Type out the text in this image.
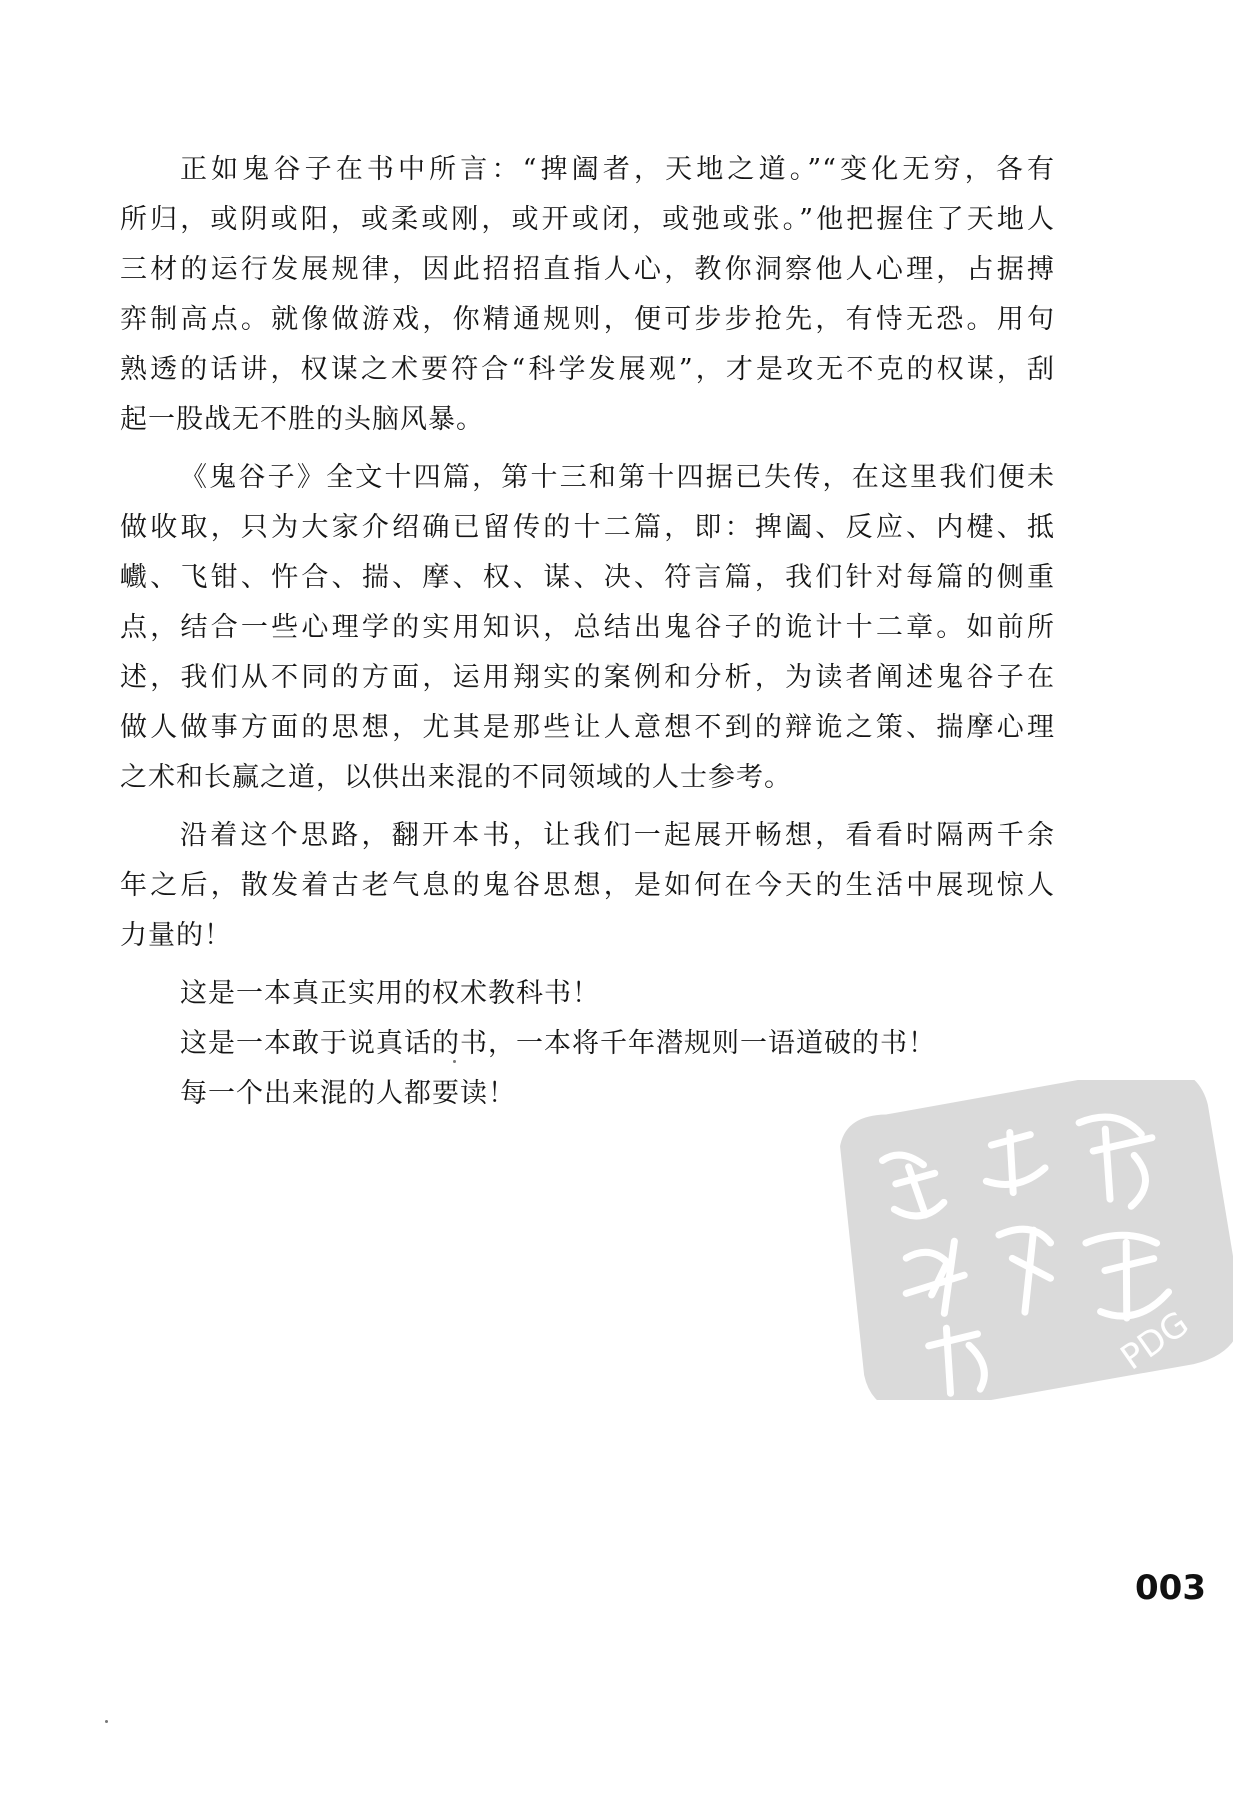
正如鬼谷子在书中所言：“捭阖者，天地之道。”“变化无穷，各有
所归，或阴或阳，或柔或刚，或开或闭，或弛或张。”他把握住了天地人
三材的运行发展规律，因此招招直指人心，教你洞察他人心理，占据搏
弈制高点。就像做游戏，你精通规则，便可步步抢先，有恃无恐。用句
熟透的话讲，权谋之术要符合“科学发展观”，才是攻无不克的权谋，刮
起一股战无不胜的头脑风暴。
《鬼谷子》全文十四篇，第十三和第十四据已失传，在这里我们便未
做收取，只为大家介绍确已留传的十二篇，即：捭阖、反应、内楗、抵
巇、飞钳、忤合、揣、摩、权、谋、决、符言篇，我们针对每篇的侧重
点，结合一些心理学的实用知识，总结出鬼谷子的诡计十二章。如前所
述，我们从不同的方面，运用翔实的案例和分析，为读者阐述鬼谷子在
做人做事方面的思想，尤其是那些让人意想不到的辩诡之策、揣摩心理
之术和长赢之道，以供出来混的不同领域的人士参考。
沿着这个思路，翻开本书，让我们一起展开畅想，看看时隔两千余
年之后，散发着古老气息的鬼谷思想，是如何在今天的生活中展现惊人
力量的！
这是一本真正实用的权术教科书！
这是一本敢于说真话的书，一本将千年潜规则一语道破的书！
每一个出来混的人都要读！
PDG
003
